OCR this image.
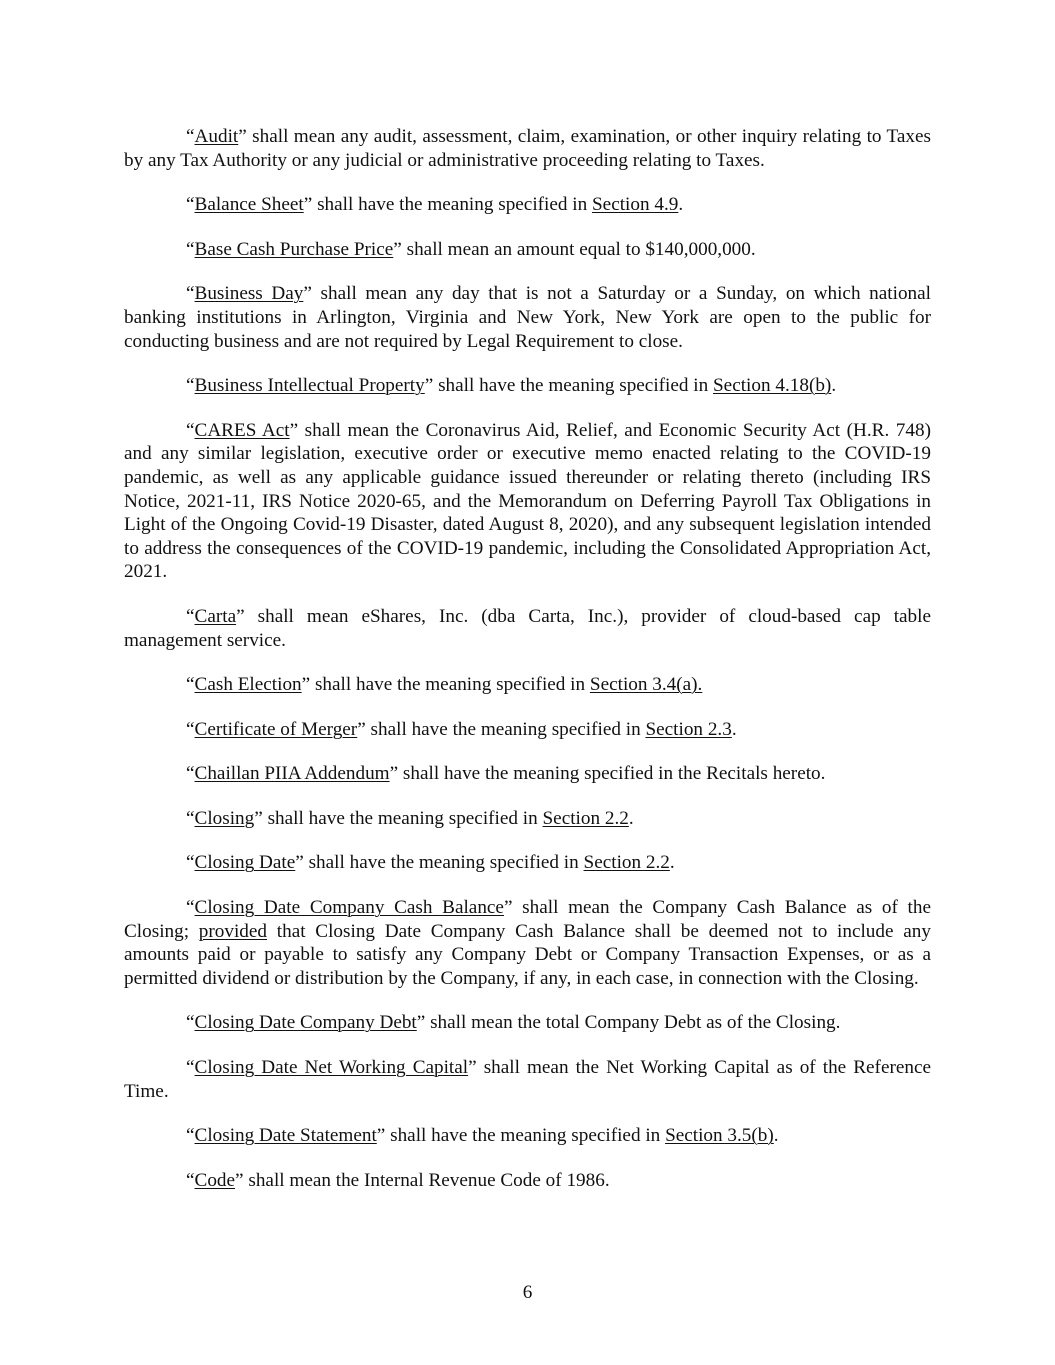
“Audit” shall mean any audit, assessment, claim, examination, or other inquiry relating to Taxes by any Tax Authority or any judicial or administrative proceeding relating to Taxes.

“Balance Sheet” shall have the meaning specified in Section 4.9.

“Base Cash Purchase Price” shall mean an amount equal to $140,000,000.

“Business Day” shall mean any day that is not a Saturday or a Sunday, on which national banking institutions in Arlington, Virginia and New York, New York are open to the public for conducting business and are not required by Legal Requirement to close.

“Business Intellectual Property” shall have the meaning specified in Section 4.18(b).

“CARES Act” shall mean the Coronavirus Aid, Relief, and Economic Security Act (H.R. 748) and any similar legislation, executive order or executive memo enacted relating to the COVID-19 pandemic, as well as any applicable guidance issued thereunder or relating thereto (including IRS Notice, 2021-11, IRS Notice 2020-65, and the Memorandum on Deferring Payroll Tax Obligations in Light of the Ongoing Covid-19 Disaster, dated August 8, 2020), and any subsequent legislation intended to address the consequences of the COVID-19 pandemic, including the Consolidated Appropriation Act, 2021.

“Carta” shall mean eShares, Inc. (dba Carta, Inc.), provider of cloud-based cap table management service.

“Cash Election” shall have the meaning specified in Section 3.4(a).

“Certificate of Merger” shall have the meaning specified in Section 2.3.

“Chaillan PIIA Addendum” shall have the meaning specified in the Recitals hereto.

“Closing” shall have the meaning specified in Section 2.2.

“Closing Date” shall have the meaning specified in Section 2.2.

“Closing Date Company Cash Balance” shall mean the Company Cash Balance as of the Closing; provided that Closing Date Company Cash Balance shall be deemed not to include any amounts paid or payable to satisfy any Company Debt or Company Transaction Expenses, or as a permitted dividend or distribution by the Company, if any, in each case, in connection with the Closing.

“Closing Date Company Debt” shall mean the total Company Debt as of the Closing.

“Closing Date Net Working Capital” shall mean the Net Working Capital as of the Reference Time.

“Closing Date Statement” shall have the meaning specified in Section 3.5(b).

“Code” shall mean the Internal Revenue Code of 1986.

6
